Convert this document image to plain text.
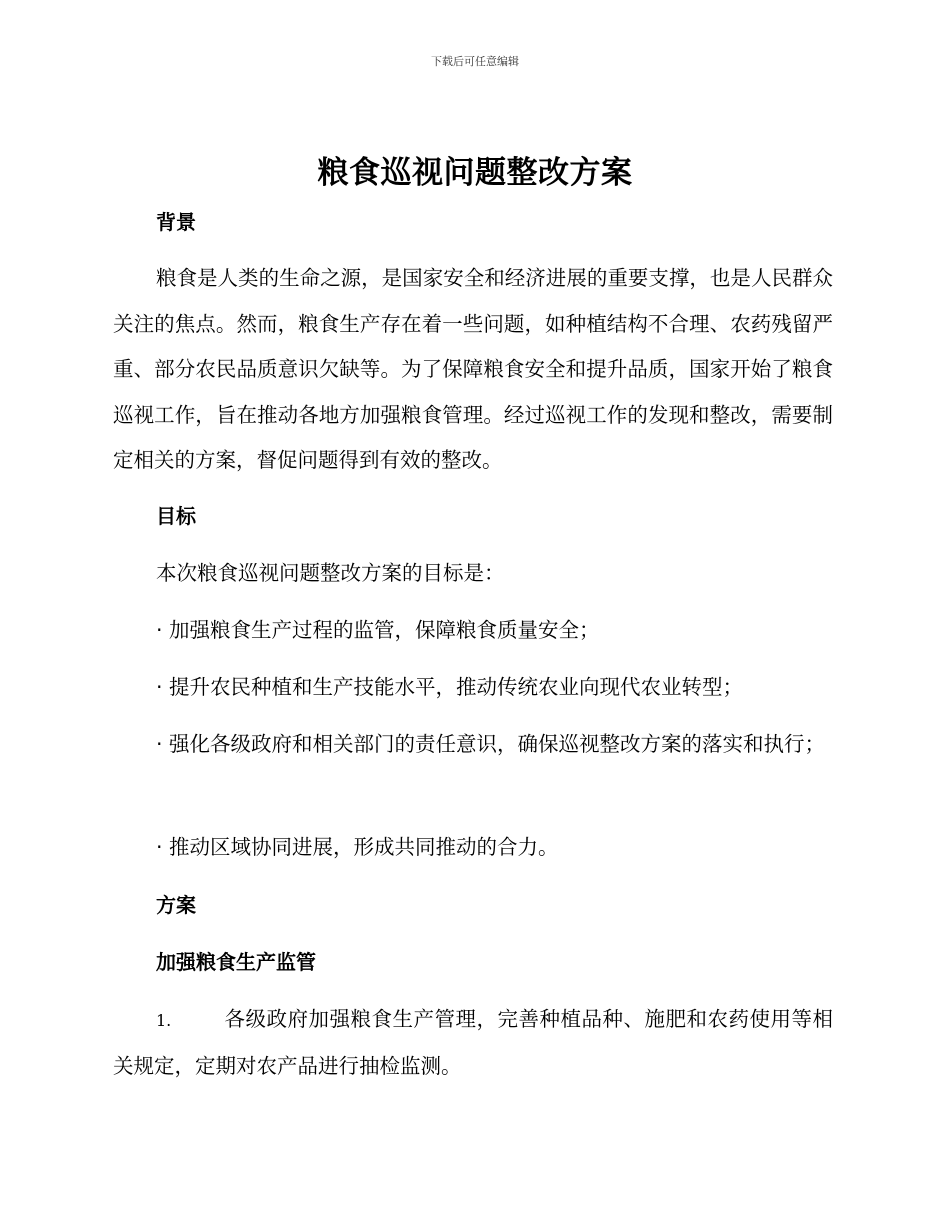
下载后可任意编辑
粮食巡视问题整改方案
背景

粮食是人类的生命之源，是国家安全和经济进展的重要支撑，也是人民群众关注的焦点。然而，粮食生产存在着一些问题，如种植结构不合理、农药残留严重、部分农民品质意识欠缺等。为了保障粮食安全和提升品质，国家开始了粮食巡视工作，旨在推动各地方加强粮食管理。经过巡视工作的发现和整改，需要制定相关的方案，督促问题得到有效的整改。

目标

本次粮食巡视问题整改方案的目标是：

· 加强粮食生产过程的监管，保障粮食质量安全；

· 提升农民种植和生产技能水平，推动传统农业向现代农业转型；

· 强化各级政府和相关部门的责任意识，确保巡视整改方案的落实和执行；

· 推动区域协同进展，形成共同推动的合力。

方案
加强粮食生产监管

1.	各级政府加强粮食生产管理，完善种植品种、施肥和农药使用等相关规定，定期对农产品进行抽检监测。
